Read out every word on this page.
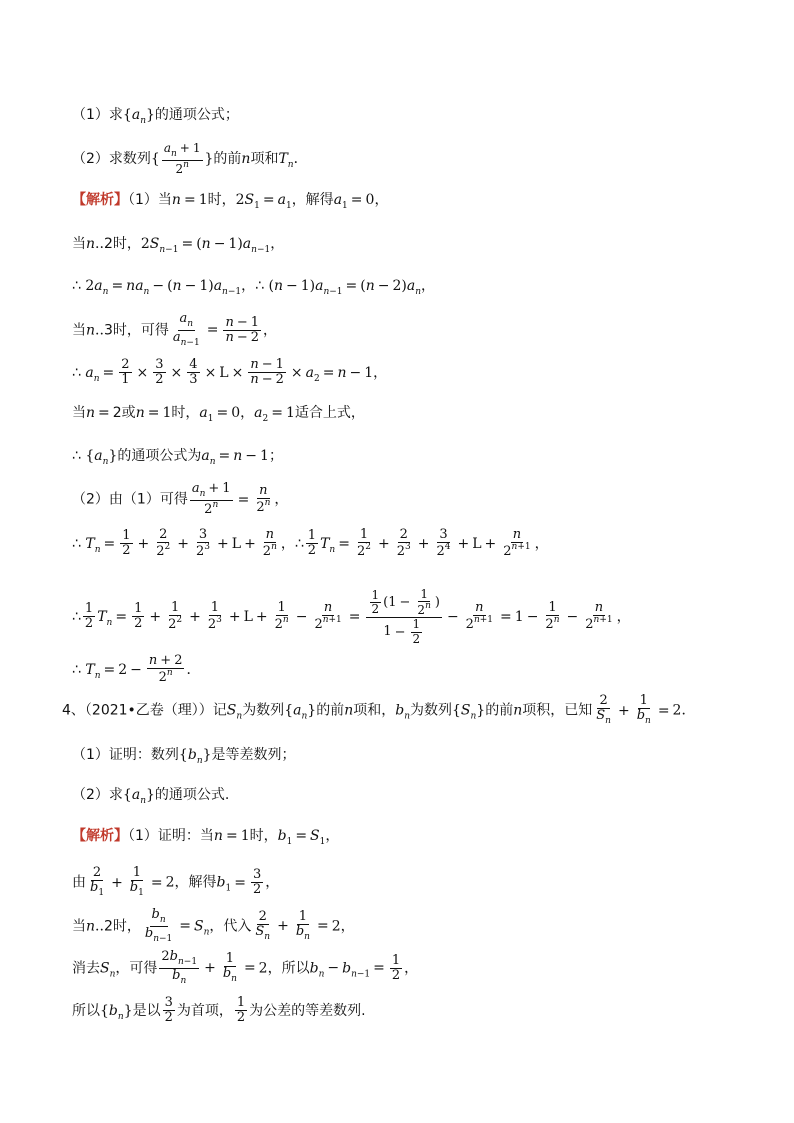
（1）求$\{a_n\}$的通项公式；
（2）求数列{ $\frac{a_n + 1}{2^n}$ }的前n项和$T_n$．
【解析】（1）当n = 1时，$2S_1 = a_1$，解得$a_1 = 0$，
当n..2时，$2S_{n-1} = (n - 1)a_{n-1}$，
∴ $2a_n = na_n - (n - 1)a_{n-1}$，∴ $(n - 1)a_{n-1} = (n - 2)a_n$，
当n..3时，可得 $\frac{a_n}{a_{n-1}} = \frac{n - 1}{n - 2}$ ，
∴ $a_n = \frac{2}{1} \times \frac{3}{2} \times \frac{4}{3} \times L \times \frac{n - 1}{n - 2} \times a_2 = n - 1$，
当n = 2或n = 1时，$a_1 = 0$，$a_2 = 1$适合上式，
∴ $\{a_n\}$的通项公式为$a_n = n - 1$；
（2）由（1）可得 $\frac{a_n + 1}{2^n} = \frac{n}{2^n}$ ，
∴ $T_n = \frac{1}{2} + \frac{2}{2^2} + \frac{3}{2^3} + L + \frac{n}{2^n}$ ，∴ $\frac{1}{2} T_n = \frac{1}{2^2} + \frac{2}{2^3} + \frac{3}{2^4} + L + \frac{n}{2^{n+1}}$ ，
∴ $\frac{1}{2} T_n = \frac{1}{2} + \frac{1}{2^2} + \frac{1}{2^3} + L + \frac{1}{2^n} - \frac{n}{2^{n+1}} = \frac{\frac{1}{2} (1 - \frac{1}{2^n} )}{1 - \frac{1}{2}} - \frac{n}{2^{n+1}} = 1 - \frac{1}{2^n} - \frac{n}{2^{n+1}}$ ，
∴ $T_n = 2 - \frac{n + 2}{2^n}$ ．
4、（2021•乙卷（理））记$S_n$为数列$\{a_n\}$的前n项和，$b_n$为数列$\{S_n\}$的前n项积，已知 $\frac{2}{S_n} + \frac{1}{b_n} = 2$．
（1）证明：数列$\{b_n\}$是等差数列；
（2）求$\{a_n\}$的通项公式.
【解析】（1）证明：当n = 1时，$b_1 = S_1$，
由 $\frac{2}{b_1} + \frac{1}{b_1} = 2$，解得$b_1 = \frac{3}{2}$ ，
当n..2时， $\frac{b_n}{b_{n-1}} = S_n$，代入 $\frac{2}{S_n} + \frac{1}{b_n} = 2$，
消去$S_n$，可得 $\frac{2b_{n-1}}{b_n} + \frac{1}{b_n} = 2$，所以$b_n - b_{n-1} = \frac{1}{2}$ ，
所以$\{b_n\}$是以 $\frac{3}{2}$ 为首项， $\frac{1}{2}$ 为公差的等差数列.
